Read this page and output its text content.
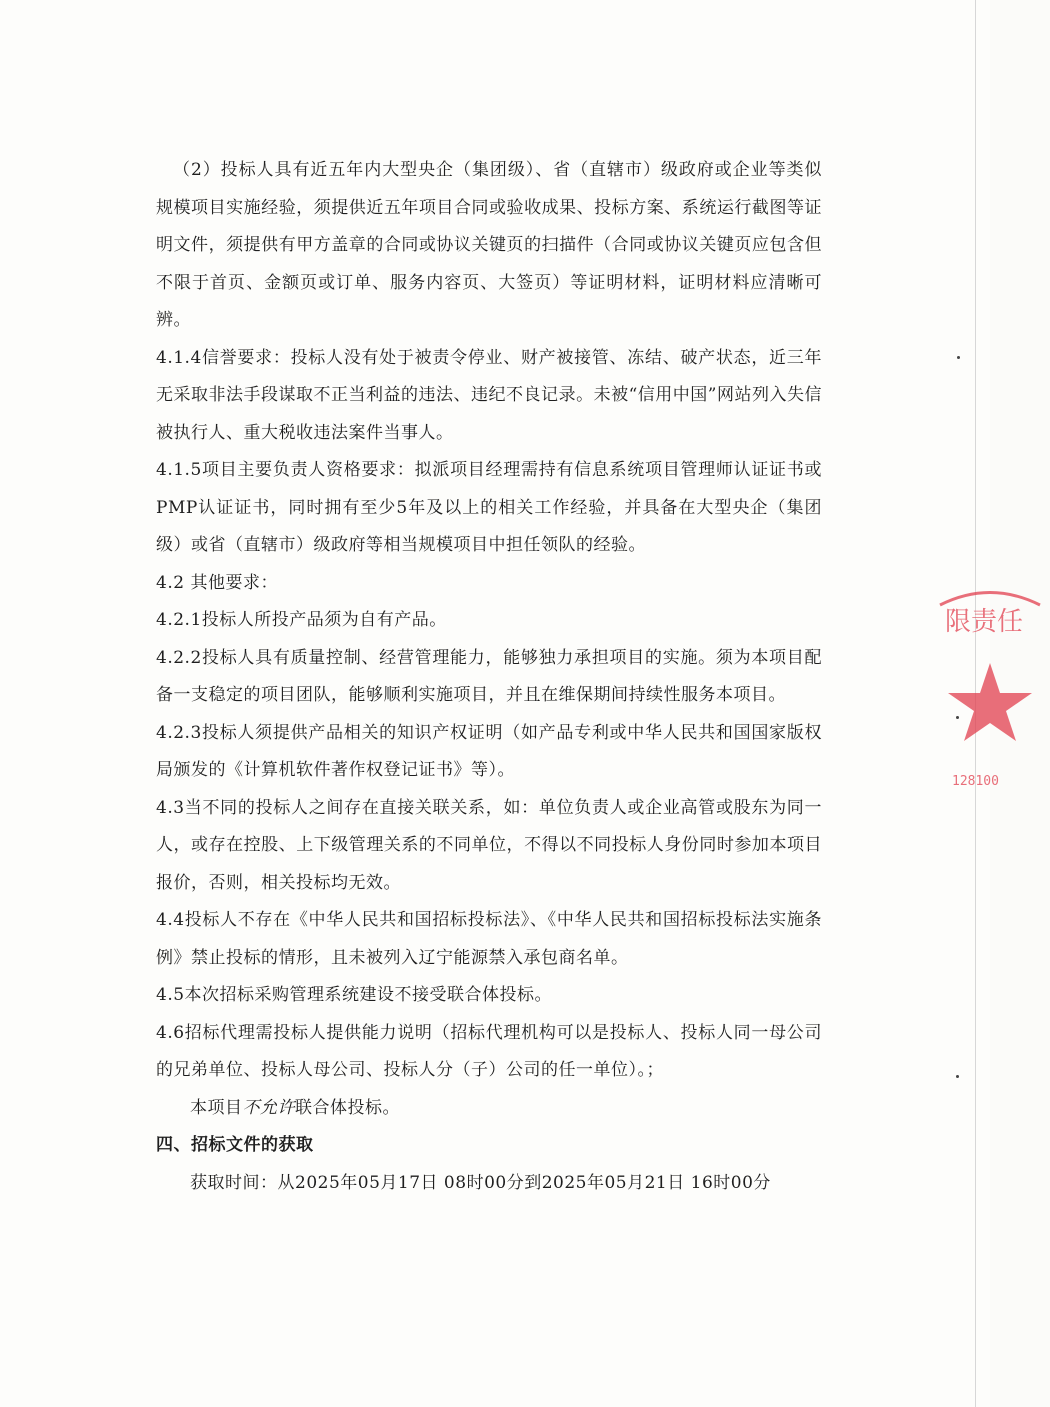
（2）投标人具有近五年内大型央企（集团级）、省（直辖市）级政府或企业等类似规模项目实施经验，须提供近五年项目合同或验收成果、投标方案、系统运行截图等证明文件，须提供有甲方盖章的合同或协议关键页的扫描件（合同或协议关键页应包含但不限于首页、金额页或订单、服务内容页、大签页）等证明材料，证明材料应清晰可辨。

4.1.4信誉要求：投标人没有处于被责令停业、财产被接管、冻结、破产状态，近三年无采取非法手段谋取不正当利益的违法、违纪不良记录。未被“信用中国”网站列入失信被执行人、重大税收违法案件当事人。

4.1.5项目主要负责人资格要求：拟派项目经理需持有信息系统项目管理师认证证书或PMP认证证书，同时拥有至少5年及以上的相关工作经验，并具备在大型央企（集团级）或省（直辖市）级政府等相当规模项目中担任领队的经验。

4.2 其他要求：

4.2.1投标人所投产品须为自有产品。

4.2.2投标人具有质量控制、经营管理能力，能够独力承担项目的实施。须为本项目配备一支稳定的项目团队，能够顺利实施项目，并且在维保期间持续性服务本项目。

4.2.3投标人须提供产品相关的知识产权证明（如产品专利或中华人民共和国国家版权局颁发的《计算机软件著作权登记证书》等）。

4.3当不同的投标人之间存在直接关联关系，如：单位负责人或企业高管或股东为同一人，或存在控股、上下级管理关系的不同单位，不得以不同投标人身份同时参加本项目报价，否则，相关投标均无效。

4.4投标人不存在《中华人民共和国招标投标法》、《中华人民共和国招标投标法实施条例》禁止投标的情形，且未被列入辽宁能源禁入承包商名单。

4.5本次招标采购管理系统建设不接受联合体投标。

4.6招标代理需投标人提供能力说明（招标代理机构可以是投标人、投标人同一母公司的兄弟单位、投标人母公司、投标人分（子）公司的任一单位）。；

本项目不允许联合体投标。

四、招标文件的获取

获取时间：从2025年05月17日 08时00分到2025年05月21日 16时00分

限责任
128100
